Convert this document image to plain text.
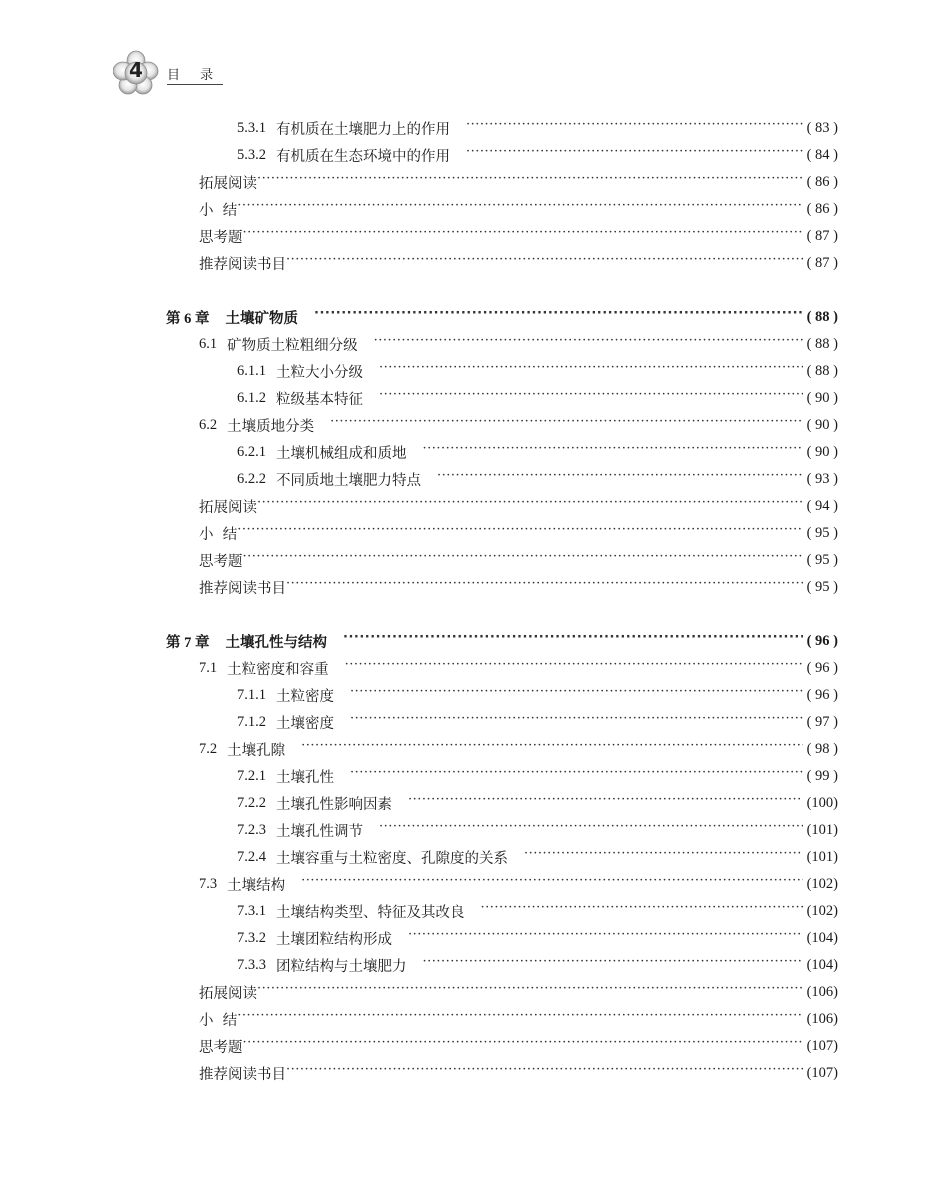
4	目 录
5.3.1 有机质在土壤肥力上的作用 ·····	( 83 )
5.3.2 有机质在生态环境中的作用 ·····	( 84 )
拓展阅读 ·····	( 86 )
小  结 ·····	( 86 )
思考题 ·····	( 87 )
推荐阅读书目 ·····	( 87 )
第 6 章 土壤矿物质 ·····	( 88 )
6.1 矿物质土粒粗细分级 ·····	( 88 )
6.1.1 土粒大小分级 ·····	( 88 )
6.1.2 粒级基本特征 ·····	( 90 )
6.2 土壤质地分类 ·····	( 90 )
6.2.1 土壤机械组成和质地 ·····	( 90 )
6.2.2 不同质地土壤肥力特点 ·····	( 93 )
拓展阅读 ·····	( 94 )
小  结 ·····	( 95 )
思考题 ·····	( 95 )
推荐阅读书目 ·····	( 95 )
第 7 章 土壤孔性与结构 ·····	( 96 )
7.1 土粒密度和容重 ·····	( 96 )
7.1.1 土粒密度 ·····	( 96 )
7.1.2 土壤密度 ·····	( 97 )
7.2 土壤孔隙 ·····	( 98 )
7.2.1 土壤孔性 ·····	( 99 )
7.2.2 土壤孔性影响因素 ·····	(100)
7.2.3 土壤孔性调节 ·····	(101)
7.2.4 土壤容重与土粒密度、孔隙度的关系 ·····	(101)
7.3 土壤结构 ·····	(102)
7.3.1 土壤结构类型、特征及其改良 ·····	(102)
7.3.2 土壤团粒结构形成 ·····	(104)
7.3.3 团粒结构与土壤肥力 ·····	(104)
拓展阅读 ·····	(106)
小  结 ·····	(106)
思考题 ·····	(107)
推荐阅读书目 ·····	(107)
